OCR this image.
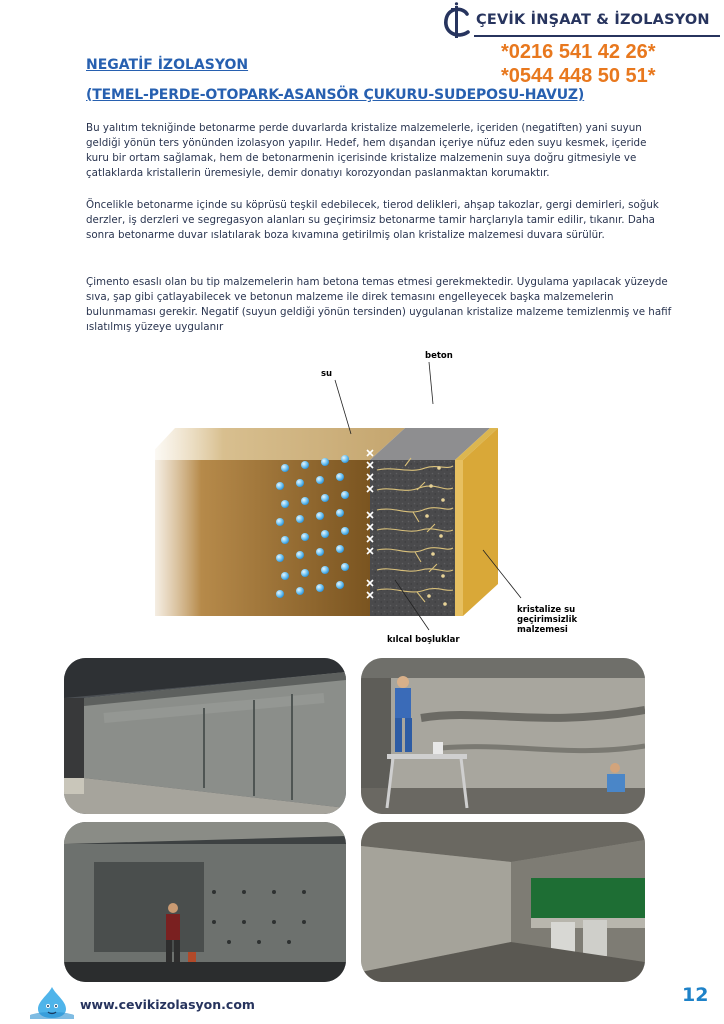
ÇEVİK İNŞAAT & İZOLASYON
*0216 541 42 26*
*0544 448 50 51*
NEGATİF İZOLASYON
(TEMEL-PERDE-OTOPARK-ASANSÖR ÇUKURU-SUDEPOSU-HAVUZ)
Bu yalıtım tekniğinde betonarme perde duvarlarda kristalize malzemelerle, içeriden (negatiften) yani suyun geldiği yönün ters yönünden izolasyon yapılır. Hedef, hem dışandan içeriye nüfuz eden suyu kesmek, içeride kuru bir ortam sağlamak, hem de betonarmenin içerisinde kristalize malzemenin suya doğru gitmesiyle ve çatlaklarda kristallerin üremesiyle, demir donatıyı korozyondan paslanmaktan korumaktır.
Öncelikle betonarme içinde su köprüsü teşkil edebilecek, tierod delikleri, ahşap takozlar, gergi demirleri, soğuk derzler, iş derzleri ve segregasyon alanları su geçirimsiz betonarme tamir harçlarıyla tamir edilir, tıkanır. Daha sonra betonarme duvar ıslatılarak boza kıvamına getirilmiş olan kristalize malzemesi duvara sürülür.
Çimento esaslı olan bu tip malzemelerin ham betona temas etmesi gerekmektedir. Uygulama yapılacak yüzeyde sıva, şap gibi çatlayabilecek ve betonun malzeme ile direk temasını engelleyecek başka malzemelerin bulunmaması gerekir. Negatif (suyun geldiği yönün tersinden) uygulanan kristalize malzeme temizlenmiş ve hafif ıslatılmış yüzeye uygulanır
su
beton
kristalize su
geçirimsizlik
malzemesi
kılcal boşluklar
www.cevikizolasyon.com	12
